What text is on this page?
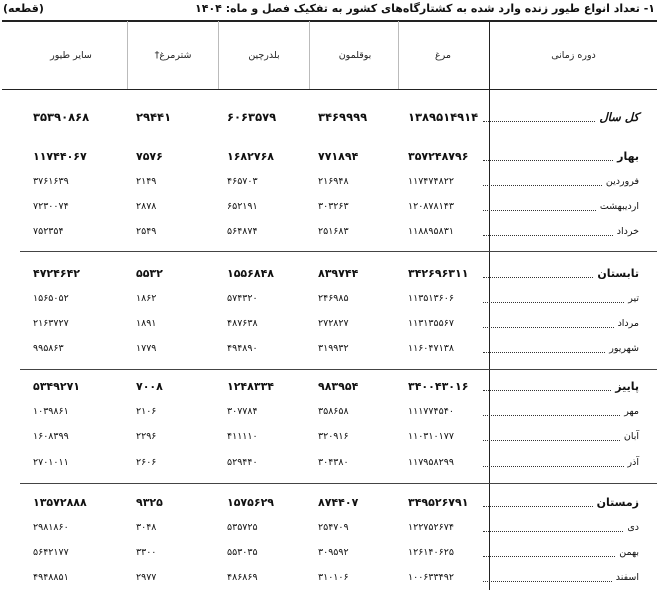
۱- تعداد انواع طیور زنده وارد شده به کشتارگاه‌های کشور به تفکیک فصل و ماه: ۱۴۰۴
(قطعه)
دوره زمانی
مرغ
بوقلمون
بلدرچین
شترمرغ†
سایر طیور
کل سال
۱۳۸۹۵۱۴۹۱۴
۳۴۶۹۹۹۹
۶۰۶۳۵۷۹
۲۹۴۴۱
۳۵۳۹۰۸۶۸
بهار
۳۵۷۲۴۸۷۹۶
۷۷۱۸۹۴
۱۶۸۲۷۶۸
۷۵۷۶
۱۱۷۴۴۰۶۷
فروردین
۱۱۷۴۷۴۸۲۲
۲۱۶۹۴۸
۴۶۵۷۰۳
۲۱۴۹
۳۷۶۱۶۳۹
اردیبهشت
۱۲۰۸۷۸۱۴۳
۳۰۳۲۶۳
۶۵۲۱۹۱
۲۸۷۸
۷۲۳۰۰۷۴
خرداد
۱۱۸۸۹۵۸۳۱
۲۵۱۶۸۳
۵۶۴۸۷۴
۲۵۴۹
۷۵۲۳۵۴
تابستان
۳۴۲۶۹۶۳۱۱
۸۳۹۷۴۴
۱۵۵۶۸۴۸
۵۵۳۲
۴۷۲۴۶۴۲
تیر
۱۱۳۵۱۳۶۰۶
۲۴۶۹۸۵
۵۷۴۳۲۰
۱۸۶۲
۱۵۶۵۰۵۲
مرداد
۱۱۳۱۳۵۵۶۷
۲۷۲۸۲۷
۴۸۷۶۳۸
۱۸۹۱
۲۱۶۳۷۲۷
شهریور
۱۱۶۰۴۷۱۳۸
۳۱۹۹۳۲
۴۹۴۸۹۰
۱۷۷۹
۹۹۵۸۶۳
پاییز
۳۴۰۰۴۳۰۱۶
۹۸۳۹۵۴
۱۲۴۸۳۳۴
۷۰۰۸
۵۳۴۹۲۷۱
مهر
۱۱۱۷۷۴۵۴۰
۳۵۸۶۵۸
۳۰۷۷۸۴
۲۱۰۶
۱۰۳۹۸۶۱
آبان
۱۱۰۳۱۰۱۷۷
۳۲۰۹۱۶
۴۱۱۱۱۰
۲۲۹۶
۱۶۰۸۳۹۹
آذر
۱۱۷۹۵۸۲۹۹
۳۰۴۳۸۰
۵۲۹۴۴۰
۲۶۰۶
۲۷۰۱۰۱۱
زمستان
۳۴۹۵۲۶۷۹۱
۸۷۴۴۰۷
۱۵۷۵۶۲۹
۹۳۲۵
۱۳۵۷۲۸۸۸
دی
۱۲۲۷۵۲۶۷۴
۲۵۴۷۰۹
۵۳۵۷۲۵
۳۰۴۸
۲۹۸۱۸۶۰
بهمن
۱۲۶۱۴۰۶۲۵
۳۰۹۵۹۲
۵۵۳۰۳۵
۳۳۰۰
۵۶۴۲۱۷۷
اسفند
۱۰۰۶۳۳۴۹۲
۳۱۰۱۰۶
۴۸۶۸۶۹
۲۹۷۷
۴۹۴۸۸۵۱
